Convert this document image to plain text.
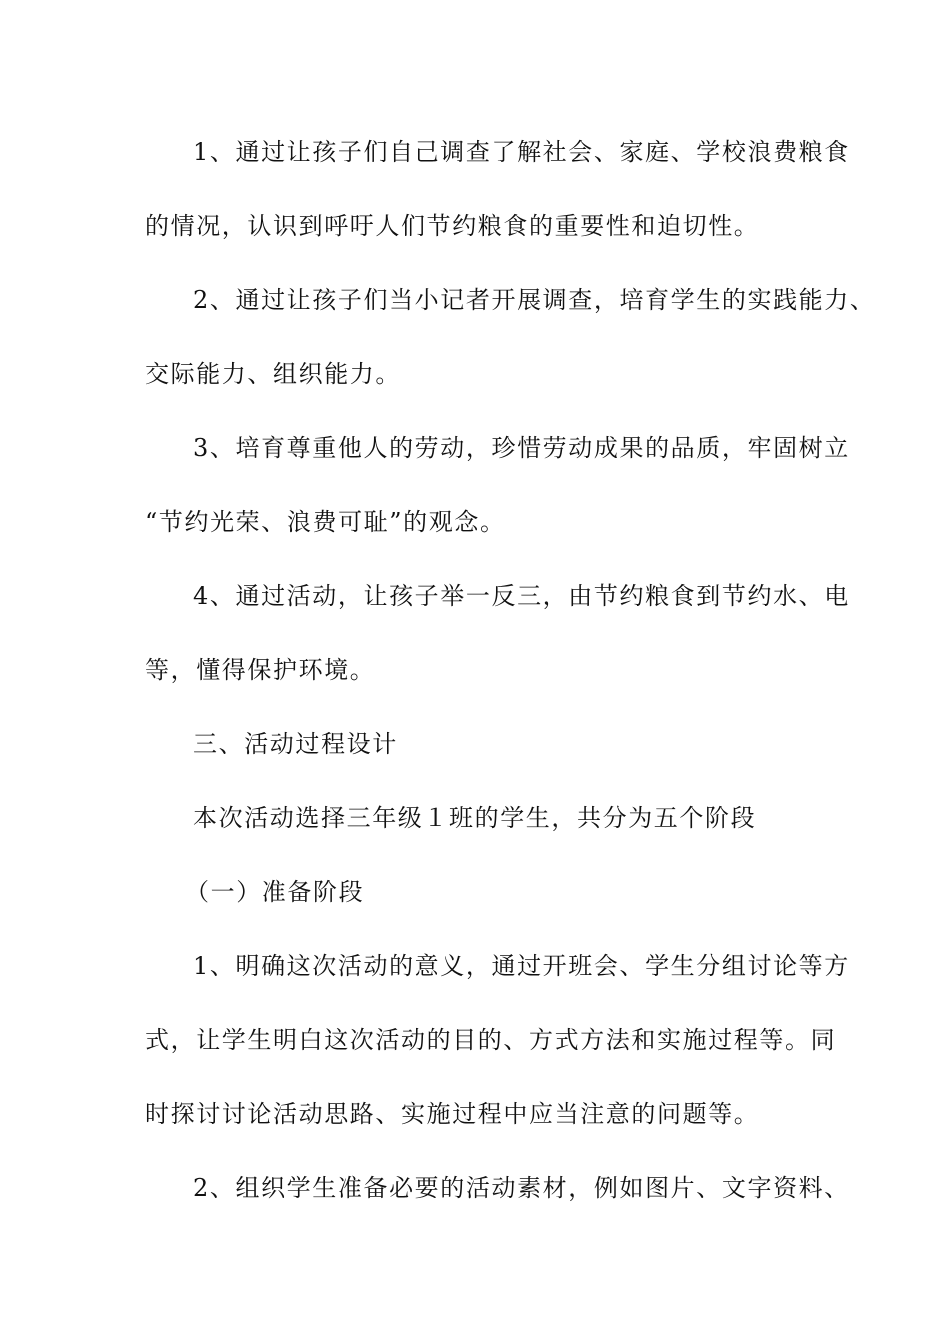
1、通过让孩子们自己调查了解社会、家庭、学校浪费粮食
的情况，认识到呼吁人们节约粮食的重要性和迫切性。
2、通过让孩子们当小记者开展调查，培育学生的实践能力、
交际能力、组织能力。
3、培育尊重他人的劳动，珍惜劳动成果的品质，牢固树立
“节约光荣、浪费可耻”的观念。
4、通过活动，让孩子举一反三，由节约粮食到节约水、电
等，懂得保护环境。
三、活动过程设计
本次活动选择三年级１班的学生，共分为五个阶段
（一）准备阶段
1、明确这次活动的意义，通过开班会、学生分组讨论等方
式，让学生明白这次活动的目的、方式方法和实施过程等。同
时探讨讨论活动思路、实施过程中应当注意的问题等。
2、组织学生准备必要的活动素材，例如图片、文字资料、
